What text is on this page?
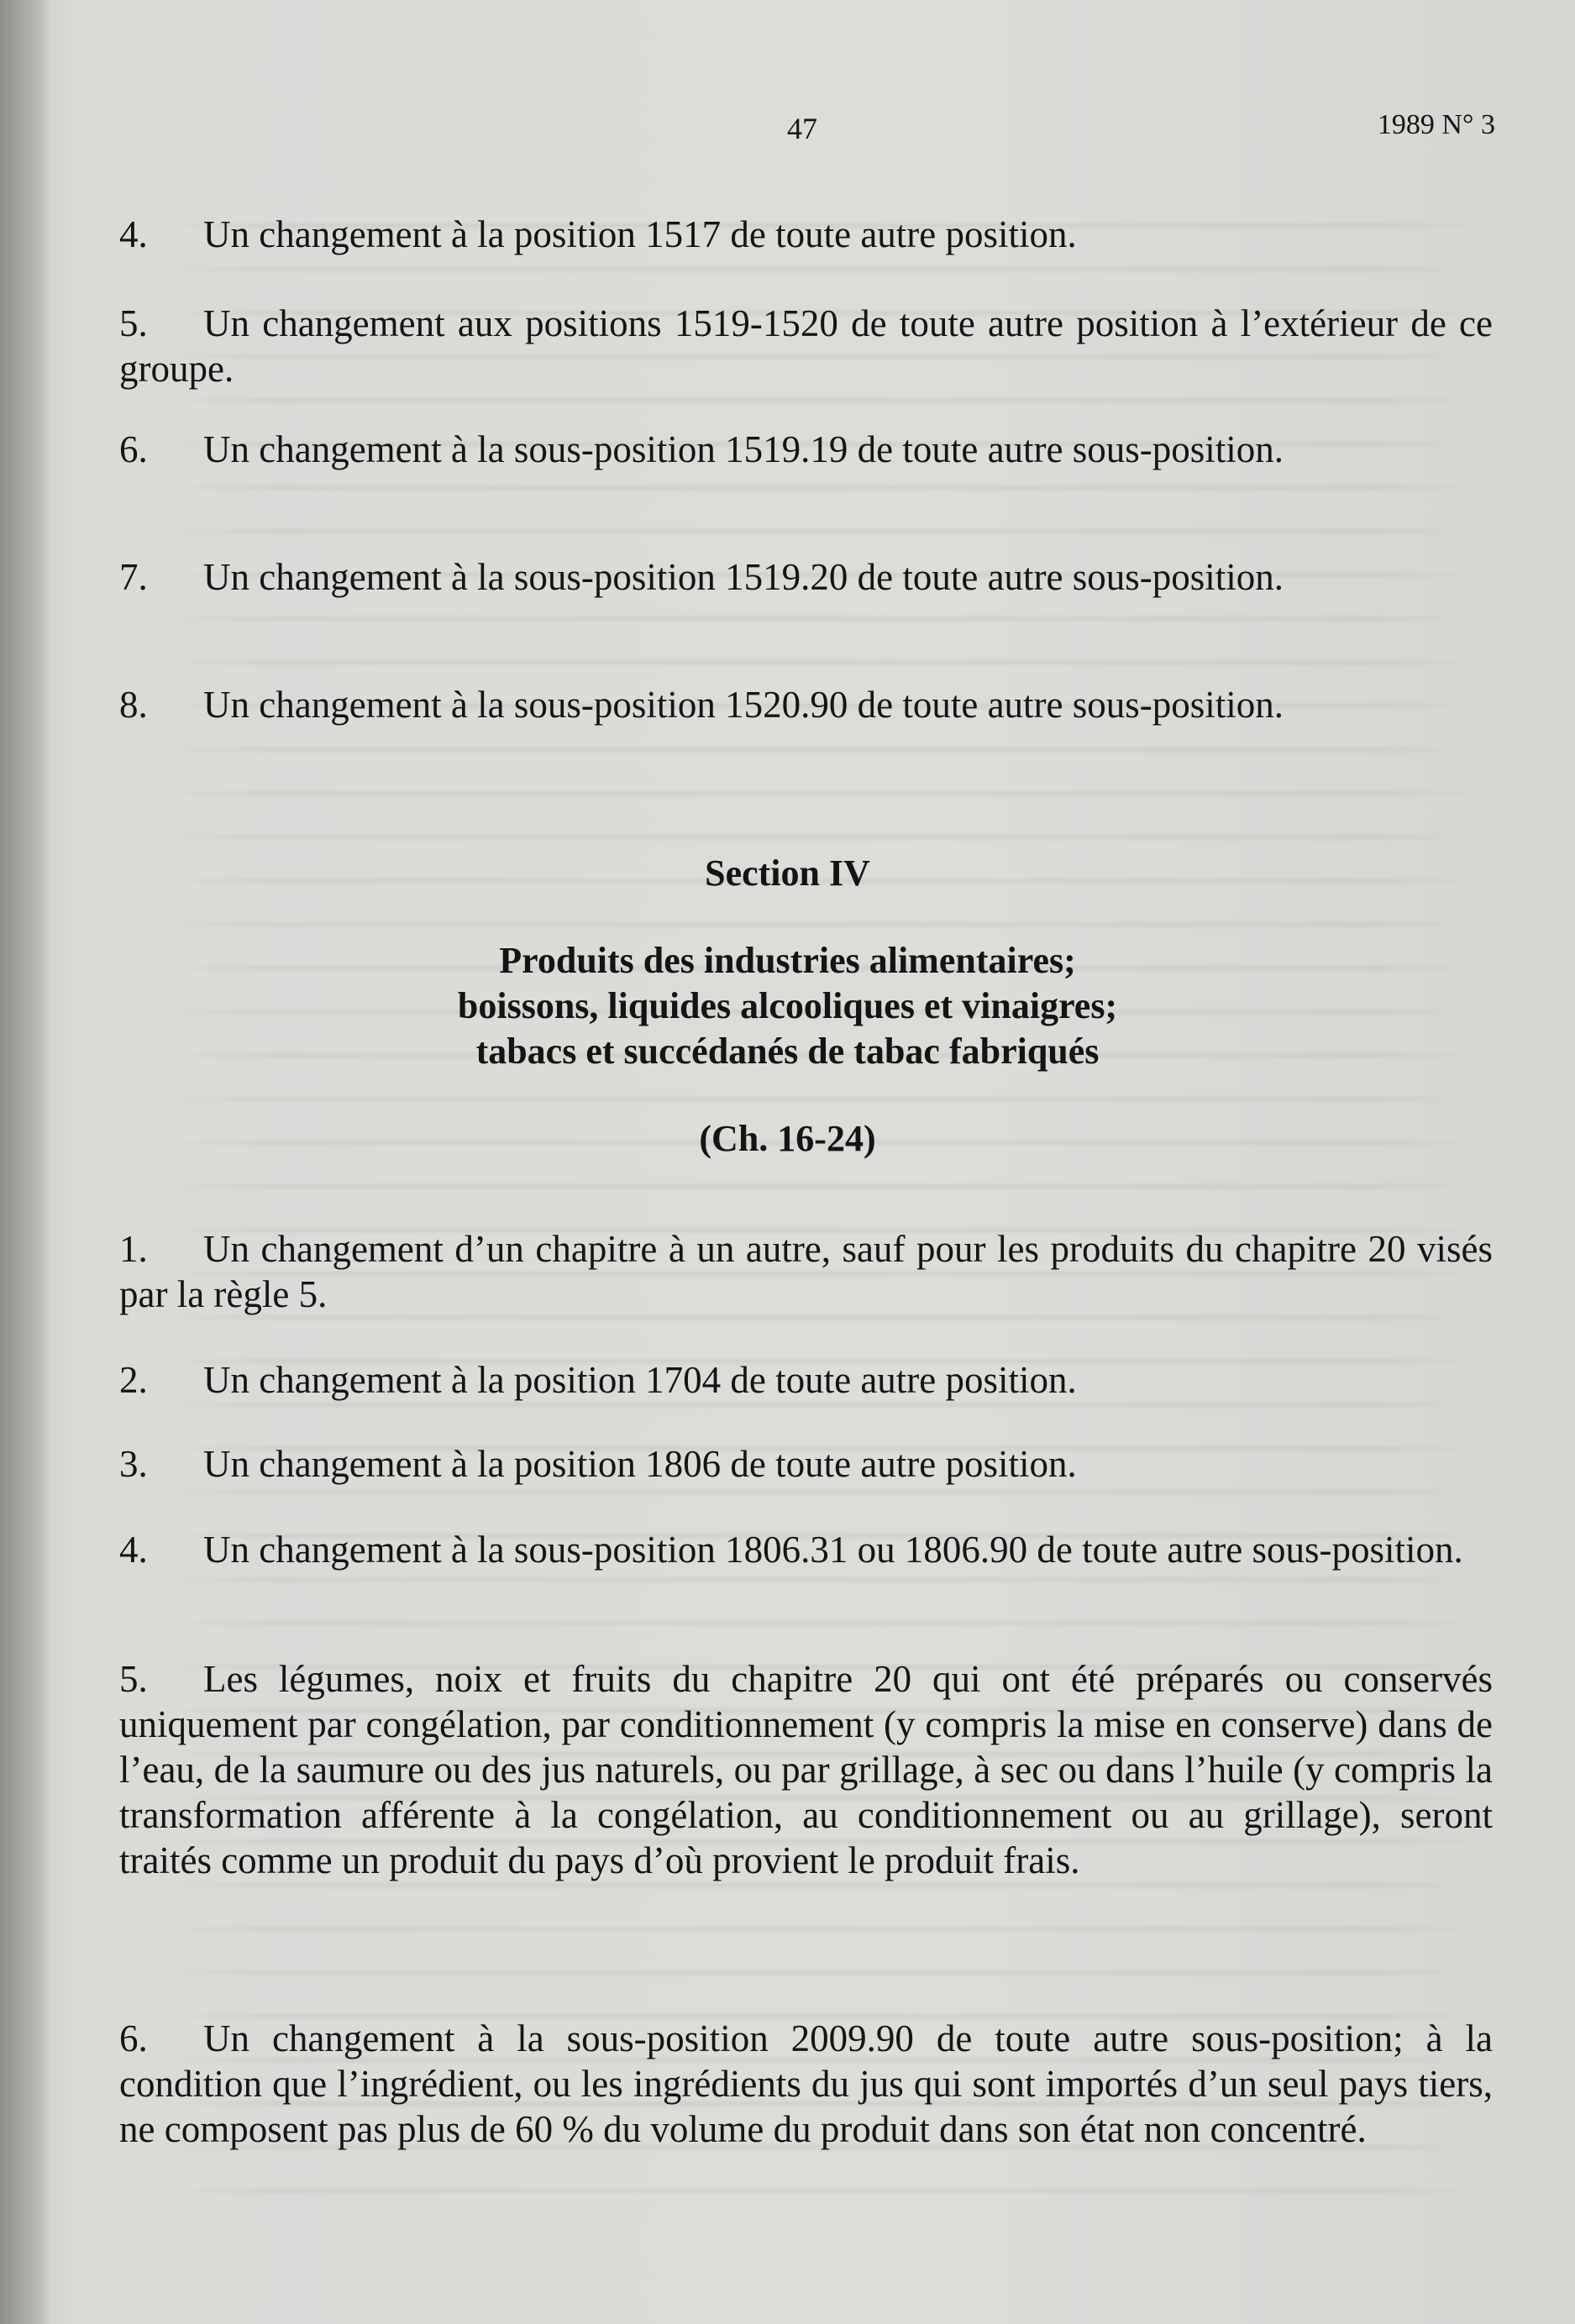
47	1989 N° 3
4. Un changement à la position 1517 de toute autre position.
5. Un changement aux positions 1519-1520 de toute autre position à l’extérieur de ce groupe.
6. Un changement à la sous-position 1519.19 de toute autre sous-position.
7. Un changement à la sous-position 1519.20 de toute autre sous-position.
8. Un changement à la sous-position 1520.90 de toute autre sous-position.
Section IV
Produits des industries alimentaires;
boissons, liquides alcooliques et vinaigres;
tabacs et succédanés de tabac fabriqués
(Ch. 16-24)
1. Un changement d’un chapitre à un autre, sauf pour les produits du chapitre 20 visés par la règle 5.
2. Un changement à la position 1704 de toute autre position.
3. Un changement à la position 1806 de toute autre position.
4. Un changement à la sous-position 1806.31 ou 1806.90 de toute autre sous-position.
5. Les légumes, noix et fruits du chapitre 20 qui ont été préparés ou conservés uniquement par congélation, par conditionnement (y compris la mise en conserve) dans de l’eau, de la saumure ou des jus naturels, ou par grillage, à sec ou dans l’huile (y compris la transformation afférente à la congélation, au conditionnement ou au grillage), seront traités comme un produit du pays d’où provient le produit frais.
6. Un changement à la sous-position 2009.90 de toute autre sous-position; à la condition que l’ingrédient, ou les ingrédients du jus qui sont importés d’un seul pays tiers, ne composent pas plus de 60 % du volume du produit dans son état non concentré.
